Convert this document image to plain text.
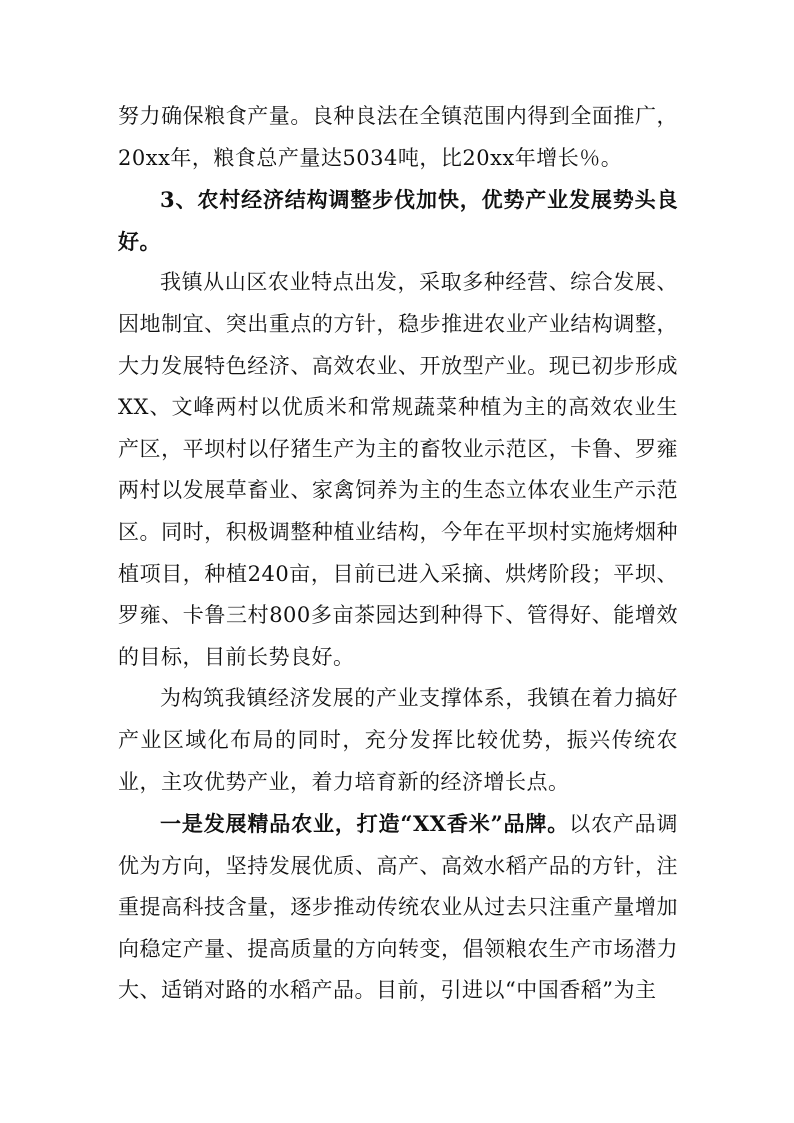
努力确保粮食产量。良种良法在全镇范围内得到全面推广，20xx年，粮食总产量达5034吨，比20xx年增长％。

3、农村经济结构调整步伐加快，优势产业发展势头良好。

我镇从山区农业特点出发，采取多种经营、综合发展、因地制宜、突出重点的方针，稳步推进农业产业结构调整，大力发展特色经济、高效农业、开放型产业。现已初步形成XX、文峰两村以优质米和常规蔬菜种植为主的高效农业生产区，平坝村以仔猪生产为主的畜牧业示范区，卡鲁、罗雍两村以发展草畜业、家禽饲养为主的生态立体农业生产示范区。同时，积极调整种植业结构，今年在平坝村实施烤烟种植项目，种植240亩，目前已进入采摘、烘烤阶段；平坝、罗雍、卡鲁三村800多亩茶园达到种得下、管得好、能增效的目标，目前长势良好。

为构筑我镇经济发展的产业支撑体系，我镇在着力搞好产业区域化布局的同时，充分发挥比较优势，振兴传统农业，主攻优势产业，着力培育新的经济增长点。

一是发展精品农业，打造“XX香米”品牌。以农产品调优为方向，坚持发展优质、高产、高效水稻产品的方针，注重提高科技含量，逐步推动传统农业从过去只注重产量增加向稳定产量、提高质量的方向转变，倡领粮农生产市场潜力大、适销对路的水稻产品。目前，引进以“中国香稻”为主
